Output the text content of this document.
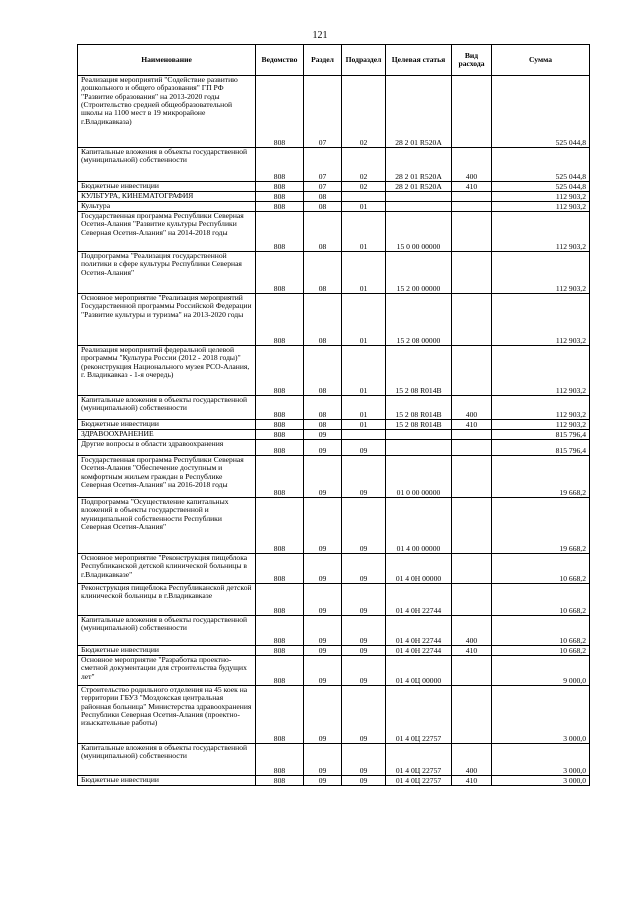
121
Наименование	Ведомство	Раздел	Подраздел	Целевая статья	Вид расхода	Сумма
Реализация мероприятий "Содействие развитию дошкольного и общего образования" ГП РФ "Развитие образования" на 2013-2020 годы (Строительство средней общеобразовательной школы на 1100 мест в 19 микрорайоне г.Владикавказа)	808	07	02	28 2 01 R520А		525 044,8
Капитальные вложения в объекты государственной (муниципальной) собственности	808	07	02	28 2 01 R520А	400	525 044,8
Бюджетные инвестиции	808	07	02	28 2 01 R520А	410	525 044,8
КУЛЬТУРА, КИНЕМАТОГРАФИЯ	808	08				112 903,2
Культура	808	08	01			112 903,2
Государственная программа Республики Северная Осетия-Алания "Развитие культуры Республики Северная Осетия-Алания" на 2014-2018 годы	808	08	01	15 0 00 00000		112 903,2
Подпрограмма "Реализация государственной политики в сфере культуры Республики Северная Осетия-Алания"	808	08	01	15 2 00 00000		112 903,2
Основное мероприятие "Реализация мероприятий Государственной программы Российской Федерации "Развитие культуры и туризма" на 2013-2020 годы	808	08	01	15 2 08 00000		112 903,2
Реализация мероприятий федеральной целевой программы "Культура России (2012 - 2018 годы)" (реконструкция Национального музея РСО-Алания, г. Владикавказ - 1-я очередь)	808	08	01	15 2 08 R014В		112 903,2
Капитальные вложения в объекты государственной (муниципальной) собственности	808	08	01	15 2 08 R014В	400	112 903,2
Бюджетные инвестиции	808	08	01	15 2 08 R014В	410	112 903,2
ЗДРАВООХРАНЕНИЕ	808	09				815 796,4
Другие вопросы в области здравоохранения	808	09	09			815 796,4
Государственная программа Республики Северная Осетия-Алания "Обеспечение доступным и комфортным жильем граждан в Республике Северная Осетия-Алания" на 2016-2018 годы	808	09	09	01 0 00 00000		19 668,2
Подпрограмма "Осуществление капитальных вложений в объекты государственной и муниципальной собственности Республики Северная Осетия-Алания"	808	09	09	01 4 00 00000		19 668,2
Основное мероприятие "Реконструкция пищеблока Республиканской детской клинической больницы в г.Владикавказе"	808	09	09	01 4 0Н 00000		10 668,2
Реконструкция пищеблока Республиканской детской клинической больницы в г.Владикавказе	808	09	09	01 4 0Н 22744		10 668,2
Капитальные вложения в объекты государственной (муниципальной) собственности	808	09	09	01 4 0Н 22744	400	10 668,2
Бюджетные инвестиции	808	09	09	01 4 0Н 22744	410	10 668,2
Основное мероприятие "Разработка проектно-сметной документации для строительства будущих лет"	808	09	09	01 4 0Ц 00000		9 000,0
Строительство родильного отделения на 45 коек на территории ГБУЗ "Моздокская центральная районная больница" Министерства здравоохранения Республики Северная Осетия-Алания (проектно-изыскательные работы)	808	09	09	01 4 0Ц 22757		3 000,0
Капитальные вложения в объекты государственной (муниципальной) собственности	808	09	09	01 4 0Ц 22757	400	3 000,0
Бюджетные инвестиции	808	09	09	01 4 0Ц 22757	410	3 000,0
